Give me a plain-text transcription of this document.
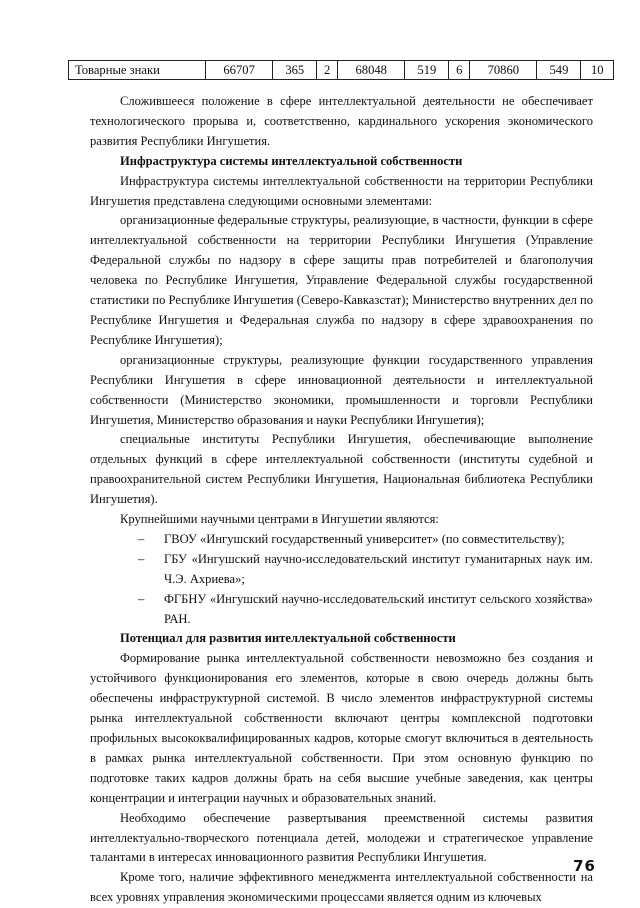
Товарные знаки	66707	365	2	68048	519	6	70860	549	10

Сложившееся положение в сфере интеллектуальной деятельности не обеспечивает технологического прорыва и, соответственно, кардинального ускорения экономического развития Республики Ингушетия.

Инфраструктура системы интеллектуальной собственности

Инфраструктура системы интеллектуальной собственности на территории Республики Ингушетия представлена следующими основными элементами:

организационные федеральные структуры, реализующие, в частности, функции в сфере интеллектуальной собственности на территории Республики Ингушетия (Управление Федеральной службы по надзору в сфере защиты прав потребителей и благополучия человека по Республике Ингушетия, Управление Федеральной службы государственной статистики по Республике Ингушетия (Северо-Кавказстат); Министерство внутренних дел по Республике Ингушетия и Федеральная служба по надзору в сфере здравоохранения по Республике Ингушетия);

организационные структуры, реализующие функции государственного управления Республики Ингушетия в сфере инновационной деятельности и интеллектуальной собственности (Министерство экономики, промышленности и торговли Республики Ингушетия, Министерство образования и науки Республики Ингушетия);

специальные институты Республики Ингушетия, обеспечивающие выполнение отдельных функций в сфере интеллектуальной собственности (институты судебной и правоохранительной систем Республики Ингушетия, Национальная библиотека Республики Ингушетия).

Крупнейшими научными центрами в Ингушетии являются:

– ГВОУ «Ингушский государственный университет» (по совместительству);
– ГБУ «Ингушский научно-исследовательский институт гуманитарных наук им. Ч.Э. Ахриева»;
– ФГБНУ «Ингушский научно-исследовательский институт сельского хозяйства» РАН.

Потенциал для развития интеллектуальной собственности

Формирование рынка интеллектуальной собственности невозможно без создания и устойчивого функционирования его элементов, которые в свою очередь должны быть обеспечены инфраструктурной системой. В число элементов инфраструктурной системы рынка интеллектуальной собственности включают центры комплексной подготовки профильных высококвалифицированных кадров, которые смогут включиться в деятельность в рамках рынка интеллектуальной собственности. При этом основную функцию по подготовке таких кадров должны брать на себя высшие учебные заведения, как центры концентрации и интеграции научных и образовательных знаний.

Необходимо обеспечение развертывания преемственной системы развития интеллектуально-творческого потенциала детей, молодежи и стратегическое управление талантами в интересах инновационного развития Республики Ингушетия.

Кроме того, наличие эффективного менеджмента интеллектуальной собственности на всех уровнях управления экономическими процессами является одним из ключевых

76
